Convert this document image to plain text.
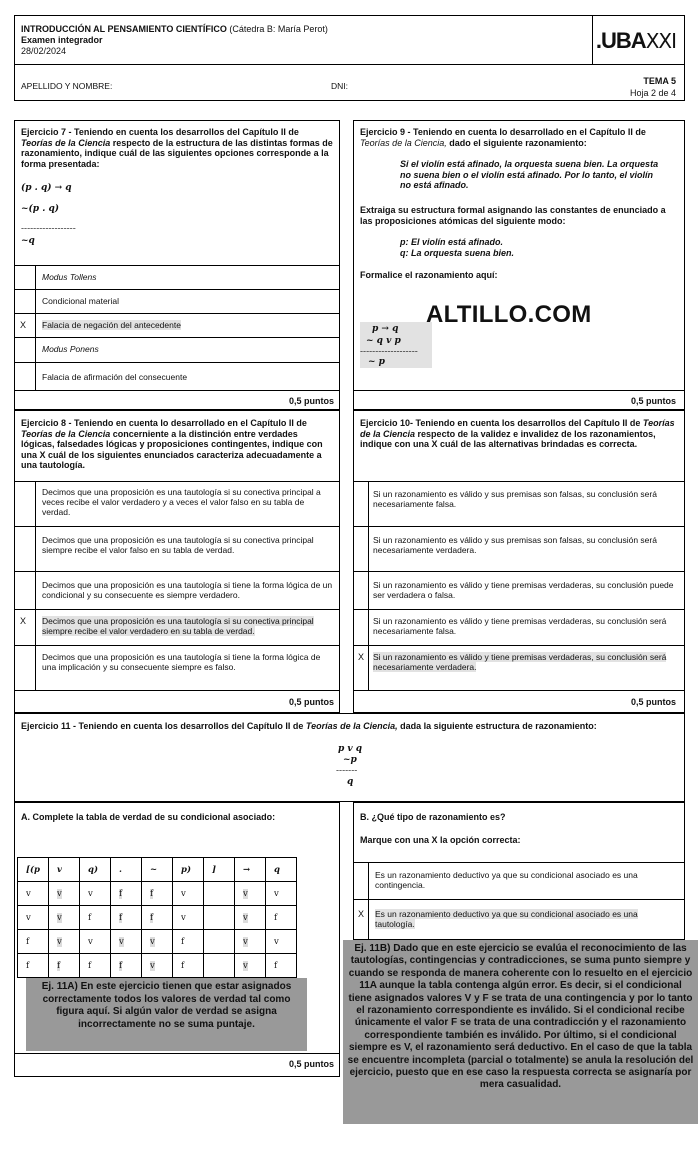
INTRODUCCIÓN AL PENSAMIENTO CIENTÍFICO (Cátedra B: María Perot)
Examen integrador
28/02/2024	.UBAXXI
APELLIDO Y NOMBRE:	DNI:	TEMA 5
Hoja 2 de 4
Ejercicio 7 - Teniendo en cuenta los desarrollos del Capítulo II de Teorías de la Ciencia respecto de la estructura de las distintas formas de razonamiento, indique cuál de las siguientes opciones corresponde a la forma presentada:
(p . q) → q
~(p . q)
------------------
~q
Modus Tollens
Condicional material
X Falacia de negación del antecedente
Modus Ponens
Falacia de afirmación del consecuente
0,5 puntos
Ejercicio 9 - Teniendo en cuenta lo desarrollado en el Capítulo II de Teorías de la Ciencia, dado el siguiente razonamiento:
Si el violín está afinado, la orquesta suena bien. La orquesta no suena bien o el violín está afinado. Por lo tanto, el violín no está afinado.
Extraiga su estructura formal asignando las constantes de enunciado a las proposiciones atómicas del siguiente modo:
p: El violín está afinado.
q: La orquesta suena bien.
Formalice el razonamiento aquí:
p → q
~ q v p
-------------------
~ p
ALTILLO.COM
0,5 puntos
Ejercicio 8 - Teniendo en cuenta lo desarrollado en el Capítulo II de Teorías de la Ciencia concerniente a la distinción entre verdades lógicas, falsedades lógicas y proposiciones contingentes, indique con una X cuál de los siguientes enunciados caracteriza adecuadamente a una tautología.
Decimos que una proposición es una tautología si su conectiva principal a veces recibe el valor verdadero y a veces el valor falso en su tabla de verdad.
Decimos que una proposición es una tautología si su conectiva principal siempre recibe el valor falso en su tabla de verdad.
Decimos que una proposición es una tautología si tiene la forma lógica de un condicional y su consecuente es siempre verdadero.
X Decimos que una proposición es una tautología si su conectiva principal siempre recibe el valor verdadero en su tabla de verdad.
Decimos que una proposición es una tautología si tiene la forma lógica de una implicación y su consecuente siempre es falso.
0,5 puntos
Ejercicio 10- Teniendo en cuenta los desarrollos del Capítulo II de Teorías de la Ciencia respecto de la validez e invalidez de los razonamientos, indique con una X cuál de las alternativas brindadas es correcta.
Si un razonamiento es válido y sus premisas son falsas, su conclusión será necesariamente falsa.
Si un razonamiento es válido y sus premisas son falsas, su conclusión será necesariamente verdadera.
Si un razonamiento es válido y tiene premisas verdaderas, su conclusión puede ser verdadera o falsa.
Si un razonamiento es válido y tiene premisas verdaderas, su conclusión será necesariamente falsa.
X Si un razonamiento es válido y tiene premisas verdaderas, su conclusión será necesariamente verdadera.
0,5 puntos
Ejercicio 11 - Teniendo en cuenta los desarrollos del Capítulo II de Teorías de la Ciencia, dada la siguiente estructura de razonamiento:
p v q
~p
-------
q
A. Complete la tabla de verdad de su condicional asociado:
[(p	v	q)	.	~	p)	]	→	q
v	v	v	f	f	v		v	v
v	v	f	f	f	v		v	f
f	v	v	v	v	f		v	v
f	f	f	f	v	f		v	f
Ej. 11A) En este ejercicio tienen que estar asignados correctamente todos los valores de verdad tal como figura aquí. Si algún valor de verdad se asigna incorrectamente no se suma puntaje.
0,5 puntos
B. ¿Qué tipo de razonamiento es?
Marque con una X la opción correcta:
Es un razonamiento deductivo ya que su condicional asociado es una contingencia.
X Es un razonamiento deductivo ya que su condicional asociado es una tautología.
Ej. 11B) Dado que en este ejercicio se evalúa el reconocimiento de las tautologías, contingencias y contradicciones, se suma punto siempre y cuando se responda de manera coherente con lo resuelto en el ejercicio 11A aunque la tabla contenga algún error. Es decir, si el condicional tiene asignados valores V y F se trata de una contingencia y por lo tanto el razonamiento correspondiente es inválido. Si el condicional recibe únicamente el valor F se trata de una contradicción y el razonamiento correspondiente también es inválido. Por último, si el condicional siempre es V, el razonamiento será deductivo. En el caso de que la tabla se encuentre incompleta (parcial o totalmente) se anula la resolución del ejercicio, puesto que en ese caso la respuesta correcta se asignaría por mera casualidad.
